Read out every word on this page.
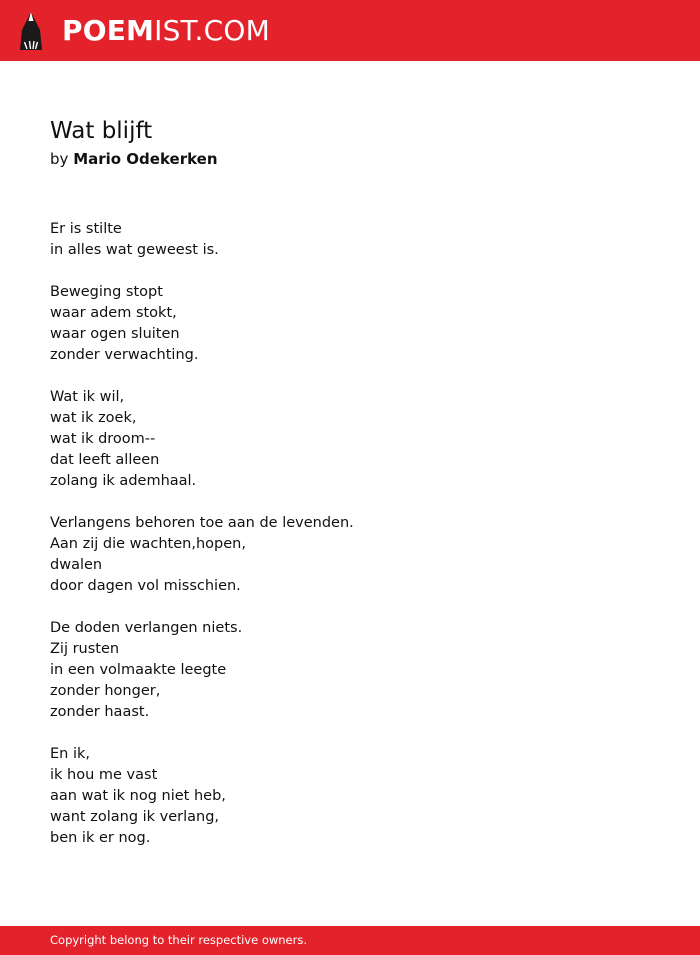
POEMIST.COM
Wat blijft
by Mario Odekerken
Er is stilte
in alles wat geweest is.
Beweging stopt
waar adem stokt,
waar ogen sluiten
zonder verwachting.
Wat ik wil,
wat ik zoek,
wat ik droom--
dat leeft alleen
zolang ik ademhaal.
Verlangens behoren toe aan de levenden.
Aan zij die wachten,hopen,
dwalen
door dagen vol misschien.
De doden verlangen niets.
Zij rusten
in een volmaakte leegte
zonder honger,
zonder haast.
En ik,
ik hou me vast
aan wat ik nog niet heb,
want zolang ik verlang,
ben ik er nog.
Copyright belong to their respective owners.
